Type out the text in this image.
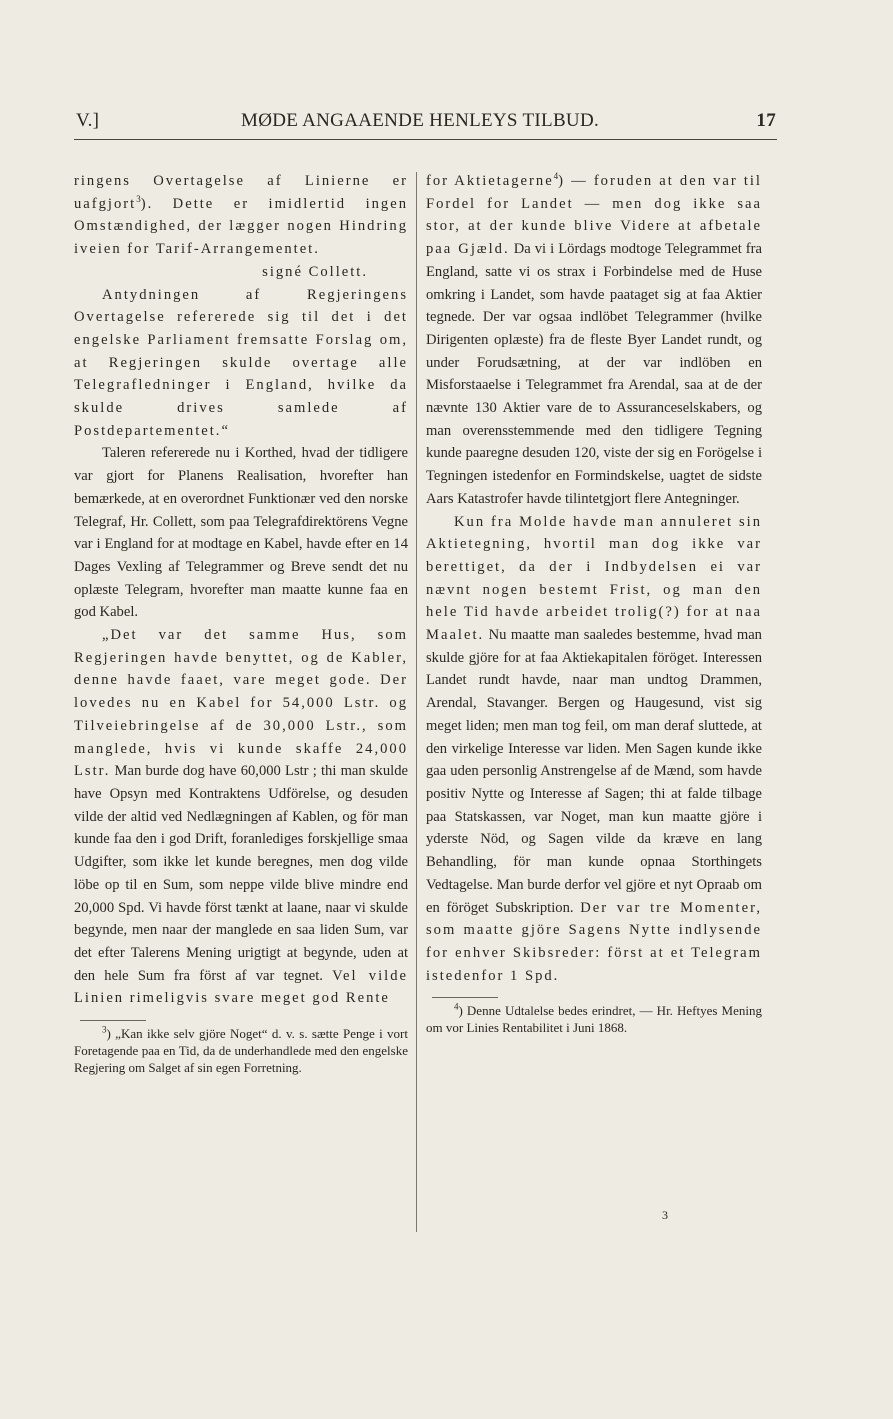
V.]	MØDE ANGAAENDE HENLEYS TILBUD.	17

ringens Overtagelse af Linierne er uafgjort$^3$). Dette er imidlertid ingen Omstændighed, der lægger nogen Hindring iveien for Tarif-Arrangementet.

signé Collett.

Antydningen af Regjeringens Overtagelse refererede sig til det i det engelske Parliament fremsatte Forslag om, at Regjeringen skulde overtage alle Telegrafledninger i England, hvilke da skulde drives samlede af Postdepartementet.“

Taleren refererede nu i Korthed, hvad der tidligere var gjort for Planens Realisation, hvorefter han bemærkede, at en overordnet Funktionær ved den norske Telegraf, Hr. Collett, som paa Telegrafdirektörens Vegne var i England for at modtage en Kabel, havde efter en 14 Dages Vexling af Telegrammer og Breve sendt det nu oplæste Telegram, hvorefter man maatte kunne faa en god Kabel.

„Det var det samme Hus, som Regjeringen havde benyttet, og de Kabler, denne havde faaet, vare meget gode. Der lovedes nu en Kabel for 54,000 Lstr. og Tilveiebringelse af de 30,000 Lstr., som manglede, hvis vi kunde skaffe 24,000 Lstr. Man burde dog have 60,000 Lstr ; thi man skulde have Opsyn med Kontraktens Udförelse, og desuden vilde der altid ved Nedlægningen af Kablen, og för man kunde faa den i god Drift, foranlediges forskjellige smaa Udgifter, som ikke let kunde beregnes, men dog vilde löbe op til en Sum, som neppe vilde blive mindre end 20,000 Spd. Vi havde först tænkt at laane, naar vi skulde begynde, men naar der manglede en saa liden Sum, var det efter Talerens Mening urigtigt at begynde, uden at den hele Sum fra först af var tegnet. Vel vilde Linien rimeligvis svare meget god Rente

$^3$) „Kan ikke selv gjöre Noget“ d. v. s. sætte Penge i vort Foretagende paa en Tid, da de underhandlede med den engelske Regjering om Salget af sin egen Forretning.

for Aktietagerne$^4$) — foruden at den var til Fordel for Landet — men dog ikke saa stor, at der kunde blive Videre at afbetale paa Gjæld. Da vi i Lördags modtoge Telegrammet fra England, satte vi os strax i Forbindelse med de Huse omkring i Landet, som havde paataget sig at faa Aktier tegnede. Der var ogsaa indlöbet Telegrammer (hvilke Dirigenten oplæste) fra de fleste Byer Landet rundt, og under Forudsætning, at der var indlöben en Misforstaaelse i Telegrammet fra Arendal, saa at de der nævnte 130 Aktier vare de to Assuranceselskabers, og man overensstemmende med den tidligere Tegning kunde paaregne desuden 120, viste der sig en Forögelse i Tegningen istedenfor en Formindskelse, uagtet de sidste Aars Katastrofer havde tilintetgjort flere Antegninger.

Kun fra Molde havde man annuleret sin Aktietegning, hvortil man dog ikke var berettiget, da der i Indbydelsen ei var nævnt nogen bestemt Frist, og man den hele Tid havde arbeidet trolig(?) for at naa Maalet. Nu maatte man saaledes bestemme, hvad man skulde gjöre for at faa Aktiekapitalen föröget. Interessen Landet rundt havde, naar man undtog Drammen, Arendal, Stavanger. Bergen og Haugesund, vist sig meget liden; men man tog feil, om man deraf sluttede, at den virkelige Interesse var liden. Men Sagen kunde ikke gaa uden personlig Anstrengelse af de Mænd, som havde positiv Nytte og Interesse af Sagen; thi at falde tilbage paa Statskassen, var Noget, man kun maatte gjöre i yderste Nöd, og Sagen vilde da kræve en lang Behandling, för man kunde opnaa Storthingets Vedtagelse. Man burde derfor vel gjöre et nyt Opraab om en föröget Subskription. Der var tre Momenter, som maatte gjöre Sagens Nytte indlysende for enhver Skibsreder: först at et Telegram istedenfor 1 Spd.

$^4$) Denne Udtalelse bedes erindret, — Hr. Heftyes Mening om vor Linies Rentabilitet i Juni 1868.

3
